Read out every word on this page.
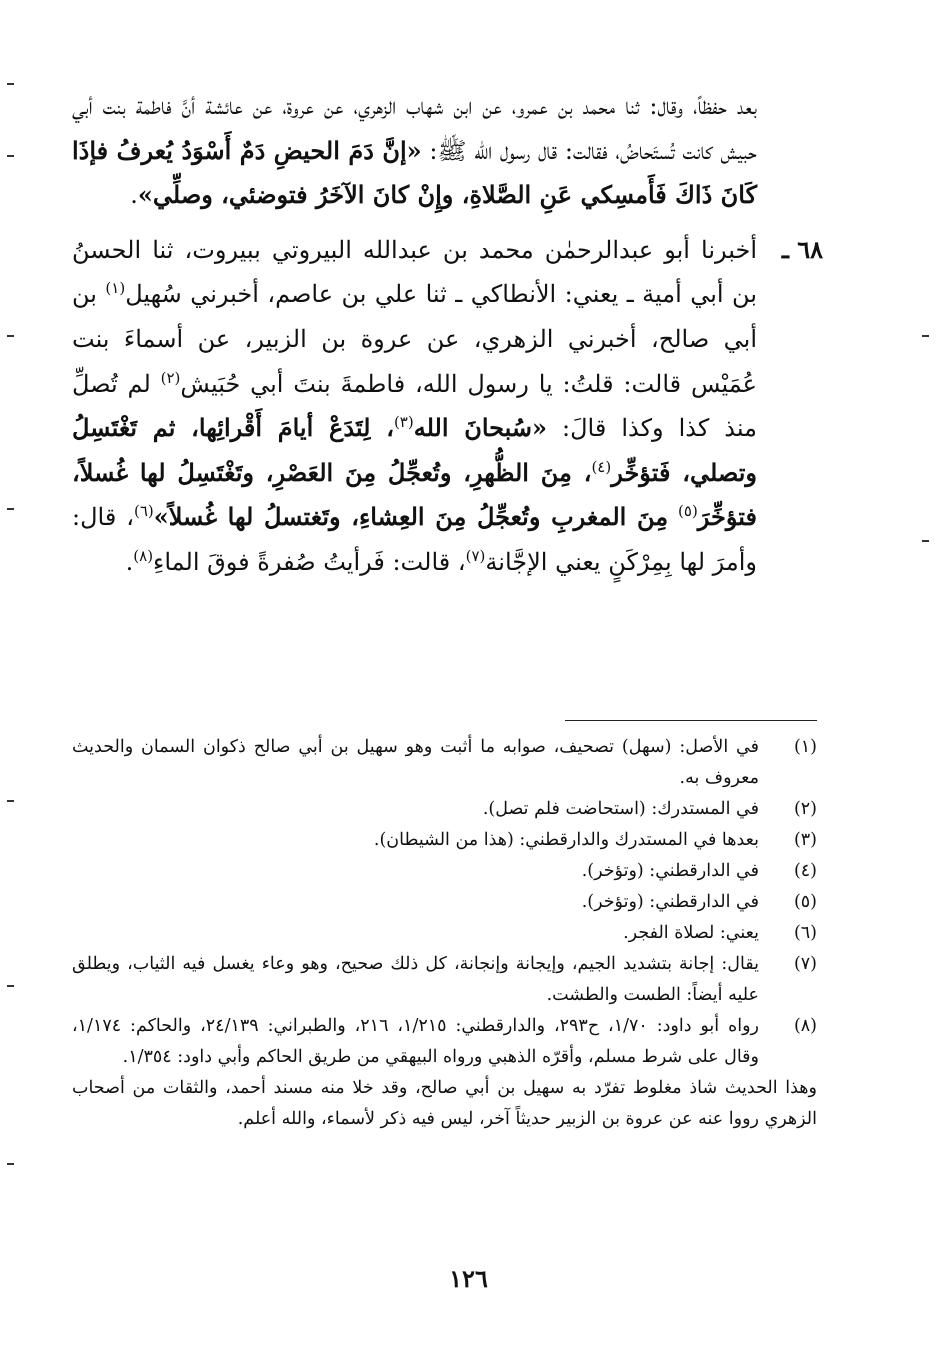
بعد حفظاً، وقال: ثنا محمد بن عمرو، عن ابن شهاب الزهري، عن عروة، عن عائشة أنَّ فاطمة بنت أبي حبيش كانت تُستَحاضُ، فقالت: قال رسول الله ﷺ: «إنَّ دَمَ الحيضِ دَمٌ أَسْوَدُ يُعرفُ فإذَا كَانَ ذَاكَ فَأَمسِكي عَنِ الصَّلاةِ، وإِنْ كانَ الآخَرُ فتوضئي، وصلِّي».

٦٨ ـ
أخبرنا أبو عبدالرحمٰن محمد بن عبدالله البيروتي ببيروت، ثنا الحسنُ بن أبي أمية ـ يعني: الأنطاكي ـ ثنا علي بن عاصم، أخبرني سُهيل$^{(١)}$ بن أبي صالح، أخبرني الزهري، عن عروة بن الزبير، عن أسماءَ بنت عُمَيْس قالت: قلتُ: يا رسول الله، فاطمةَ بنتَ أبي حُبَيش$^{(٢)}$ لم تُصلِّ منذ كذا وكذا قالَ: «سُبحانَ الله$^{(٣)}$، لِتَدَعْ أيامَ أَقْرائِها، ثم تَغْتَسِلُ وتصلي، فَتؤخِّر$^{(٤)}$، مِنَ الظُّهرِ، وتُعجِّلُ مِنَ العَصْرِ، وتَغْتَسِلُ لها غُسلاً، فتؤخِّرَ$^{(٥)}$ مِنَ المغربِ وتُعجِّلُ مِنَ العِشاءِ، وتَغتسلُ لها غُسلاً»$^{(٦)}$، قال: وأمرَ لها بِمِرْكَنٍ يعني الإجَّانة$^{(٧)}$، قالت: فَرأيتُ صُفرةً فوقَ الماءِ$^{(٨)}$.

(١)
في الأصل: (سهل) تصحيف، صوابه ما أثبت وهو سهيل بن أبي صالح ذكوان السمان والحديث معروف به.
(٢)
في المستدرك: (استحاضت فلم تصل).
(٣)
بعدها في المستدرك والدارقطني: (هذا من الشيطان).
(٤)
في الدارقطني: (وتؤخر).
(٥)
في الدارقطني: (وتؤخر).
(٦)
يعني: لصلاة الفجر.
(٧)
يقال: إجانة بتشديد الجيم، وإيجانة وإنجانة، كل ذلك صحيح، وهو وعاء يغسل فيه الثياب، ويطلق عليه أيضاً: الطست والطشت.
(٨)
رواه أبو داود: ١/٧٠، ح٢٩٣، والدارقطني: ١/٢١٥، ٢١٦، والطبراني: ٢٤/١٣٩، والحاكم: ١/١٧٤، وقال على شرط مسلم، وأقرّه الذهبي ورواه البيهقي من طريق الحاكم وأبي داود: ١/٣٥٤.
وهذا الحديث شاذ مغلوط تفرّد به سهيل بن أبي صالح، وقد خلا منه مسند أحمد، والثقات من أصحاب الزهري رووا عنه عن عروة بن الزبير حديثاً آخر، ليس فيه ذكر لأسماء، والله أعلم.
١٢٦
